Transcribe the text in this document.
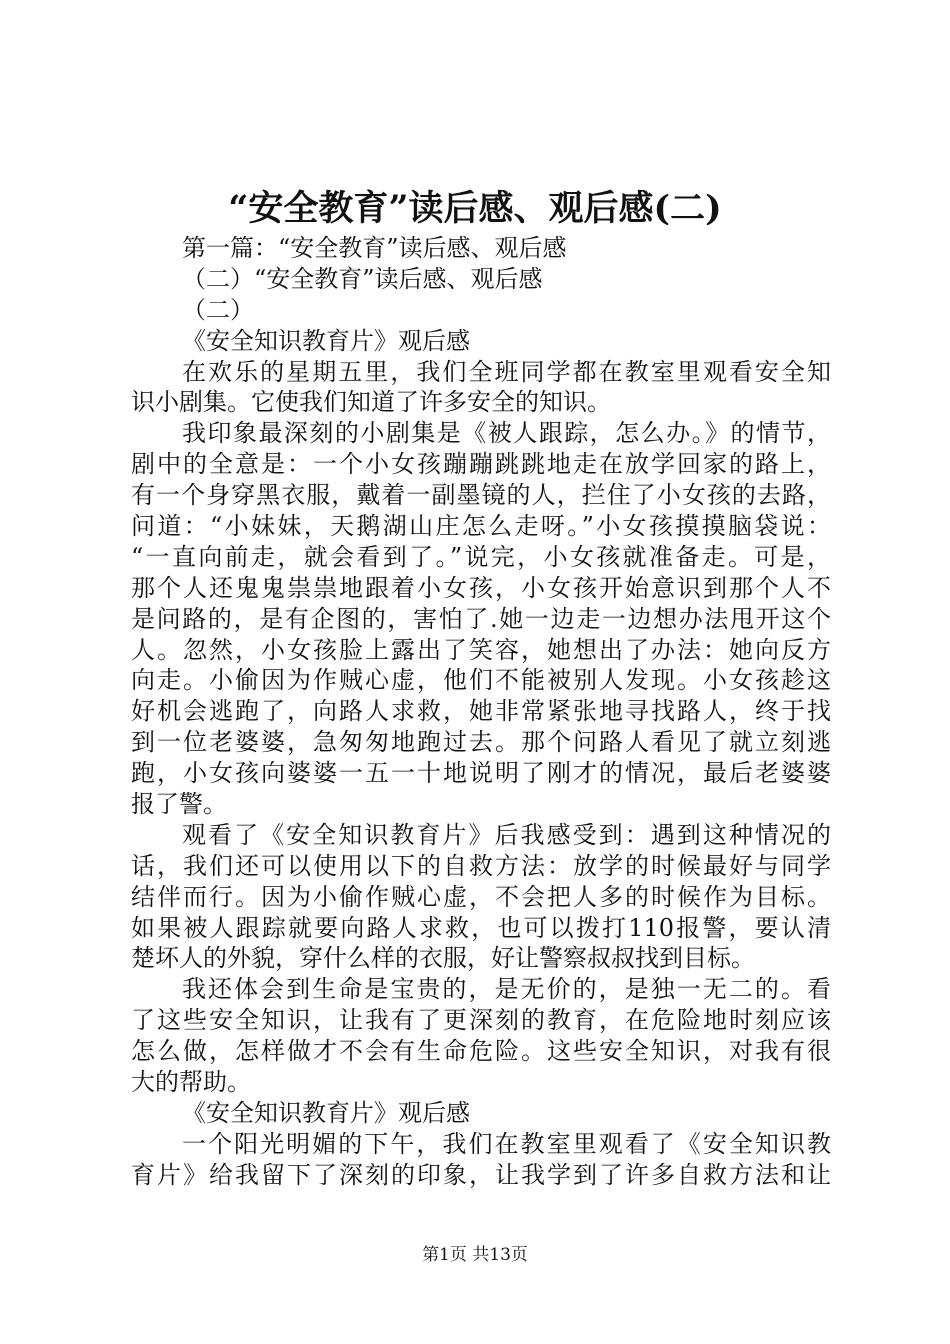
“安全教育”读后感、观后感(二)
第一篇：“安全教育”读后感、观后感
（二）“安全教育”读后感、观后感
（二）
《安全知识教育片》观后感
在欢乐的星期五里，我们全班同学都在教室里观看安全知
识小剧集。它使我们知道了许多安全的知识。
我印象最深刻的小剧集是《被人跟踪，怎么办。》的情节，
剧中的全意是：一个小女孩蹦蹦跳跳地走在放学回家的路上，
有一个身穿黑衣服，戴着一副墨镜的人，拦住了小女孩的去路，
问道：“小妹妹，天鹅湖山庄怎么走呀。”小女孩摸摸脑袋说：
“一直向前走，就会看到了。”说完，小女孩就准备走。可是，
那个人还鬼鬼祟祟地跟着小女孩，小女孩开始意识到那个人不
是问路的，是有企图的，害怕了.她一边走一边想办法甩开这个
人。忽然，小女孩脸上露出了笑容，她想出了办法：她向反方
向走。小偷因为作贼心虚，他们不能被别人发现。小女孩趁这
好机会逃跑了，向路人求救，她非常紧张地寻找路人，终于找
到一位老婆婆，急匆匆地跑过去。那个问路人看见了就立刻逃
跑，小女孩向婆婆一五一十地说明了刚才的情况，最后老婆婆
报了警。
观看了《安全知识教育片》后我感受到：遇到这种情况的
话，我们还可以使用以下的自救方法：放学的时候最好与同学
结伴而行。因为小偷作贼心虚，不会把人多的时候作为目标。
如果被人跟踪就要向路人求救，也可以拨打110报警，要认清
楚坏人的外貌，穿什么样的衣服，好让警察叔叔找到目标。
我还体会到生命是宝贵的，是无价的，是独一无二的。看
了这些安全知识，让我有了更深刻的教育，在危险地时刻应该
怎么做，怎样做才不会有生命危险。这些安全知识，对我有很
大的帮助。
《安全知识教育片》观后感
一个阳光明媚的下午，我们在教室里观看了《安全知识教
育片》给我留下了深刻的印象，让我学到了许多自救方法和让
第1页 共13页
